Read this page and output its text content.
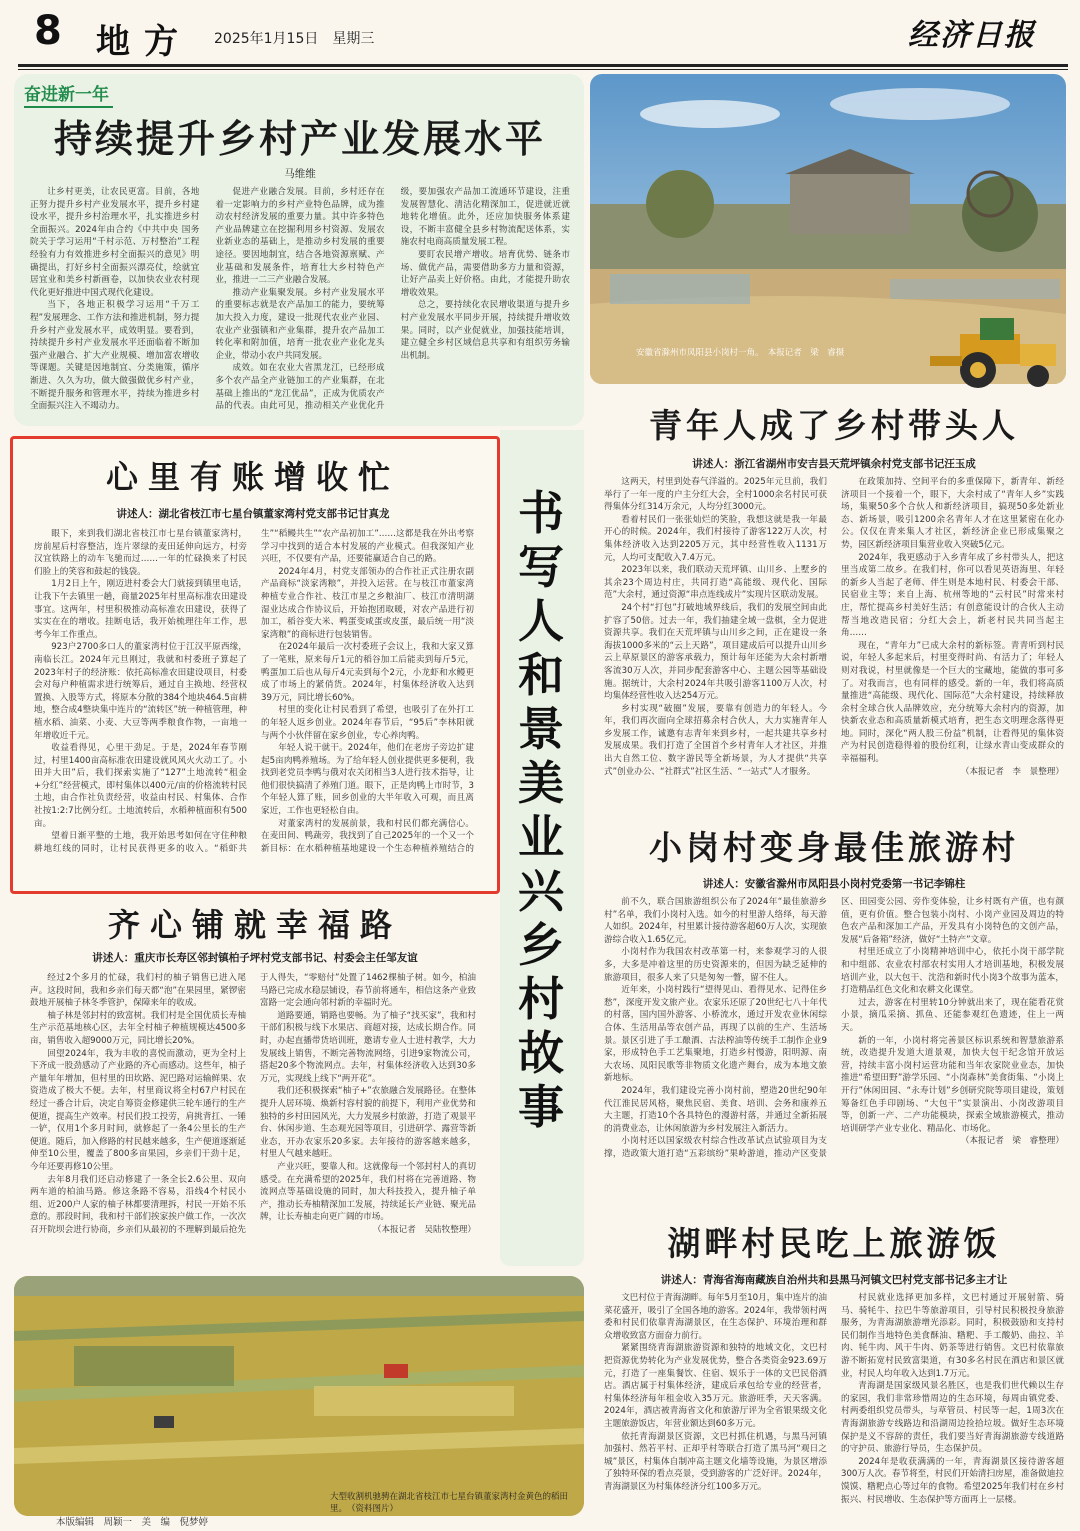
8 地方 2025年1月15日　星期三	经济日报
奋进新一年
持续提升乡村产业发展水平
马维维

让乡村更美，让农民更富。目前，各地正努力提升乡村产业发展水平，提升乡村建设水平，提升乡村治理水平，扎实推进乡村全面振兴。2024年由合约《中共中央 国务院关于学习运用“千村示范、万村整治”工程经验有力有效推进乡村全面振兴的意见》明确提出，打好乡村全面振兴漂亮仗，绘就宜居宜业和美乡村新画卷，以加快农业农村现代化更好推进中国式现代化建设。

当下，各地正积极学习运用“千万工程”发展理念、工作方法和推进机制，努力提升乡村产业发展水平，成效明显。要看到，持续提升乡村产业发展水平还面临着不断加强产业融合、扩大产业规模、增加富农增收等课题。关键是因地制宜、分类施策，循序渐进、久久为功，做大做强做优乡村产业，不断提升服务和管理水平，持续为推进乡村全面振兴注入不竭动力。

促进产业融合发展。目前，乡村还存在着一定影响力的乡村产业特色品牌，成为推动农村经济发展的重要力量。其中许多特色产业品牌建立在挖掘利用乡村资源、发展农业新业态的基础上，是推动乡村发展的重要途径。要因地制宜，结合各地资源禀赋、产业基础和发展条件，培育壮大乡村特色产业，推进一二三产业融合发展。

推动产业集聚发展。乡村产业发展水平的重要标志就是农产品加工的能力，要统筹加大投入力度，建设一批现代农业产业园、农业产业强镇和产业集群，提升农产品加工转化率和附加值，培育一批农业产业化龙头企业，带动小农户共同发展。

成效。如在农业大省黑龙江，已经形成多个农产品全产业链加工的产业集群，在北基础上推出的“龙江优品”，正成为优质农产品的代表。由此可见，推动相关产业优化升级，要加强农产品加工流通环节建设，注重发展智慧化、清洁化精深加工，促进就近就地转化增值。此外，还应加快服务体系建设，不断丰富健全县乡村物流配送体系，实施农村电商高质量发展工程。

要盯农民增产增收。培育优势、链条市场、做优产品，需要借助多方力量和资源，让好产品卖上好价格。由此，才能提升助农增收效果。

总之，要持续化农民增收渠道与提升乡村产业发展水平同步开展，持续提升增收效果。同时，以产业促就业，加强技能培训，建立健全乡村区域信息共享和有组织劳务输出机制。	安徽省滁州市凤阳县小岗村一角。　本报记者　梁　睿摄
书写人和景美业兴乡村故事
心里有账增收忙
讲述人：湖北省枝江市七星台镇董家湾村党支部书记甘真龙

眼下，来到我们湖北省枝江市七星台镇董家湾村，房前屋后村容整洁，连片翠绿的麦田延伸向远方，村旁汉宜铁路上的动车飞驰而过……一年的忙碌换来了村民们脸上的笑容和鼓起的钱袋。

1月2日上午，刚迈进村委会大门就接到镇里电话，让我下午去镇里一趟，商量2025年村里高标准农田建设事宜。这两年，村里积极推动高标准农田建设，获得了实实在在的增收。挂断电话，我开始梳理往年工作，思考今年工作重点。

923户2700多口人的董家湾村位于江汉平原西缘，南临长江。2024年元旦刚过，我就和村委班子算起了2023年村子的经济账：依托高标准农田建设项目，村委会对每户种植需求进行统筹后，通过自主换地、经营权置换、入股等方式，将原本分散的384个地块464.5亩耕地，整合成4整块集中连片的“流转区”统一种植管理，种植水稻、油菜、小麦、大豆等两季粮食作物，一亩地一年增收近千元。

收益看得见，心里干劲足。于是，2024年春节刚过，村里1400亩高标准农田建设就风风火火动工了。小田并大田”后，我们探索实施了“127”土地流转“租金+分红”经营模式，即村集体以400元/亩的价格流转村民土地，由合作社负责经营，收益由村民、村集体、合作社按1:2:7比例分红。土地流转后，水稻种植面积有500亩。

望着日渐平整的土地，我开始思考如何在守住种粮耕地红线的同时，让村民获得更多的收入。“稻虾共生”“稻鳗共生”“农产品初加工”……这都是我在外出考察学习中找到的适合本村发展的产业模式。但我深知产业兴旺，不仅要有产品，还要能赢适合自己的路。

2024年4月，村党支部领办的合作社正式注册农副产品商标“淡家湾粮”，并投入运营。在与枝江市董家湾种植专业合作社、枝江市星之乡粮油厂、枝江市清明湖湿业达成合作协议后，开始抱团取暖，对农产品进行初加工，稻谷变大米、鸭蛋变咸蛋或皮蛋，最后统一用“淡家湾粮”的商标进行包装销售。

在2024年最后一次村委班子会议上，我和大家又算了一笔账，原来每斤1元的稻谷加工后能卖到每斤5元，鸭蛋加工后也从每斤4元卖到每个2元，小龙虾和水鳗更成了市场上的紧俏货。2024年，村集体经济收入达到39万元，同比增长60%。

村里的变化让村民看到了希望，也吸引了在外打工的年轻人返乡创业。2024年春节后，“95后”李林阳就与两个小伙伴留在家乡创业，专心养肉鸭。

年轻人说干就干。2024年，他们在老房子旁边扩建起5亩肉鸭养殖场。为了给年轻人创业提供更多便利，我找到老党员李鸭与俄对农关闭相当3人进行技术指导，让他们很快搞清了养殖门道。眼下，正是肉鸭上市时节，3个年轻人算了账，回乡创业的大半年收入可观，而且离家近，工作也更轻松自由。

对董家湾村的发展前景，我和村民们都充满信心。在麦田间、鸭蔬旁，我找到了自己2025年的一个又一个新目标：在水稻种植基地建设一个生态种植养殖结合的

青年人成了乡村带头人
讲述人：浙江省湖州市安吉县天荒坪镇余村党支部书记汪玉成

这两天，村里到处春气洋溢的。2025年元旦前，我们举行了一年一度的户主分红大会，全村1000余名村民可获得集体分红314万余元，人均分红3000元。

看着村民们一张张灿烂的笑脸，我想这就是我一年最开心的时候。2024年，我们村接待了游客122万人次，村集体经济收入达到2205万元，其中经营性收入1131万元，人均可支配收入7.4万元。

2023年以来，我们联动天荒坪镇、山川乡、上墅乡的其余23个周边村庄，共同打造“高能级、现代化、国际范”大余村，通过资源“串点连线成片”实现片区联动发展。

24个村“打包”打破地域界线后，我们的发展空间由此扩容了50倍。过去一年，我们抽建全域一盘棋，全力促进资源共享。我们在天荒坪镇与山川乡之间，正在建设一条海拔1000多米的“云上天路”，项目建成后可以提升山川乡云上草原景区的游客承载力，预计每年还能为大余村新增客流30万人次，并同步配套游客中心、主题公园等基础设施。据统计，大余村2024年共吸引游客1100万人次，村均集体经营性收入达254万元。

乡村实现“破圈”发展，要靠有创造力的年轻人。今年，我们再次面向全球招募余村合伙人，大力实施青年人乡发展工作，诚邀有志青年来到乡村，一起共建共享乡村发展成果。我们打造了全国首个乡村青年人才社区，并推出大自然工位、数字游民等全新场景，为人才提供“共享式”创业办公、“社群式”社区生活、“一站式”人才服务。

在政策加持、空间平台的多重保障下，新青年、新经济项目一个接着一个，眼下，大余村成了“青年人乡”实践场，集聚50多个合伙人和新经济项目，搞现50多处新业态、新场景，吸引1200余名青年人才在这里紧密在化办公。仅仅在青来集人才社区，新经济企业已形成集聚之势，园区新经济项目集营业收入突破5亿元。

2024年，我更感动于入乡青年成了乡村带头人，把这里当成第二故乡。在我们村，你可以看见英语海里、年轻的新乡人当起了老师、伴生则是本地村民、村委会干部、民宿业主等；来自上海、杭州等地的“云村民”时常来村庄，帮忙提高乡村美好生活；有创意能设计的合伙人主动帮当地改造民宿；分红大会上，新老村民共同当起主角……

现在，“青年力”已成大余村的新标签。青青听到村民说，年轻人多起来后，村里变得时尚、有活力了；年轻人则对我说，村里就像是一个巨大的宝藏地，能做的事可多了。对我而言，也有同样的感受。新的一年，我们将高质量推进“高能级、现代化、国际范”大余村建设，持续释放余村全球合伙人品牌效应，充分统筹大余村内的资源，加快新农业态和高质量新模式培育，把生态文明理念落得更地。同时，深化“两人股三份益”机制，让看得见的集体资产为村民创造稳得着的股份红利，让绿水青山变成群众的幸福福利。

（本报记者　李　景整理）
小岗村变身最佳旅游村
讲述人：安徽省滁州市凤阳县小岗村党委第一书记李锦柱

前不久，联合国旅游组织公布了2024年“最佳旅游乡村”名单，我们小岗村入选。如今的村里游人络绎，每天游人如织。2024年，村里累计接待游客超60万人次，实现旅游综合收入1.65亿元。

小岗村作为我国农村改革第一村，来参观学习的人很多，大多是冲着这里的历史资源来的，但因为缺乏延伸的旅游项目，很多人来了只是匆匆一瞥，留不住人。

近年来，小岗村践行“望得见山、看得见水、记得住乡愁”，深度开发文旅产业。农家乐还原了20世纪七八十年代的村落，国内国外游客、小桥流水，通过开发农业休闲综合体、生活用品等农创产品，再现了以前的生产、生活场景。景区引进了手工酿酒、古法榨油等传统手工制作企业9家，形成特色手工艺集聚地，打造乡村慢游，阳明源、南大农场、凤阳民歌等非物质文化遗产舞台，成为本地文旅新地标。

2024年，我们建设完善小岗村前，塑造20世纪90年代江淮民居风格，聚焦民宿、美食、培训、会务和康养五大主题，打造10个各具特色的漫游村落，并通过全新拓展的消费业态，让休闲旅游为乡村发展注入新活力。

小岗村还以国家级农村综合性改革试点试验项目为支撑，造政策大道打造“五彩缤纷”果岭游道，推动产区变景区、田园变公园、旁作变体验，让乡村既有产值，也有颜值，更有价值。整合包装小岗村、小岗产业园及周边的特色农产品和深加工产品，开发具有小岗特色的文创产品，发展“后备箱”经济，做好“土特产”文章。

村里还成立了小岗精神培训中心，依托小岗干部学院和中组部、农业农村部农村实用人才培训基地，积极发展培训产业，以大包干、沈浩和新时代小岗3个故事为蓝本，打造精品红色文化和农耕文化课堂。

过去，游客在村里转10分钟就出来了，现在能看花赏小景，摘瓜采摘、抓鱼、还能参观红色遗迹，住上一两天。

新的一年，小岗村将完善景区标识系统和智慧旅游系统，改造提升发道大道景观，加快大包干纪念馆开放运营，持续丰富小岗村运营功能和当年农家院业业态，加快推进“希望田野”游学乐园、“小岗森林”美食街集、“小岗上开行”休闲田园、“永寿计划”乡创研究院等项目建设，策划筹备红色手印剧场、“大包干”实景演出、小岗改游项目等，创新一产、二产功能模块，探索全域旅游模式，推动培训研学产业专业化、精品化、市场化。

（本报记者　梁　睿整理）
齐心铺就幸福路
讲述人：重庆市长寿区邻封镇柏子坪村党支部书记、村委会主任邹友谊

经过2个多月的忙碌，我们村的柚子销售已进入尾声。这段时间，我和乡亲们每天都“泡”在果园里，紧锣密鼓地开展柚子林冬季管护，保障来年的收成。

柚子林是邻封村的致富树。我们村是全国优质长寿柚生产示范基地核心区，去年全村柚子种植规模达4500多亩，销售收入超9000万元，同比增长20%。

回望2024年，我为丰收的喜悦而激动，更为全村上下齐成一股劲感动了产业路的齐心而感动。这些年，柚子产量年年增加，但村里的田坎路、泥巴路对运输鲜果、农资造成了极大不便。去年，村里商议将全村67户村民在经过一番合计后，决定自筹资金修建供三轮车通行的生产便道，提高生产效率。村民们投工投劳，肩挑背扛、一锤一铲，仅用1个多月时间，就修起了一条4公里长的生产便道。随后，加入修路的村民越来越多，生产便道逐渐延伸至10公里，覆盖了800多亩果园，乡亲们干劲十足，今年还要再修10公里。

去年8月我们还启动修建了一条全长2.6公里、双向两车道的柏油马路。修这条路不容易，沿线4个村民小组、近200户人家的柚子林都要清理拆，村民一开始不乐意的。那段时间，我和村干部们挨家挨户做工作，一次次召开院坝会进行协商，乡亲们从最初的不理解到最后抢先于人得失，“零赔付”处置了1462棵柚子树。如今，柏油马路已完成水稳层铺设，春节前将通车，相信这条产业致富路一定会通向邻村新的幸福时光。

道路要通，销路也要畅。为了柚子“找买家”，我和村干部们积极与线下水果店、商超对接，达成长期合作。同时，办起直播带货培训班，邀请专业人士进村教学，大力发展线上销售，不断完善物流网络，引进9家物流公司，搭起20多个物流网点。去年，村集体经济收入达到30多万元，实现线上线下“两开花”。

我们还积极探索“柚子+”农旅融合发展路径。在整体提升人居环境、焕新村容村貌的前提下，利用产业优势和独特的乡村田园风光，大力发展乡村旅游，打造了观景平台、休闲步道、生态观光园等项目，引进研学、露营等新业态，开办农家乐20多家。去年接待的游客越来越多，村里人气越来越旺。

产业兴旺，要靠人和。这就像每一个邻封村人的真切感受。在充满希望的2025年，我们村将在完善道路、物流网点等基础设施的同时，加大科技投入，提升柚子单产，推动长寿柚精深加工发展，持续延长产业链、聚光品牌，让长寿柚走向更广阔的市场。

（本报记者　吴陆牧整理）
大型收割机驰骋在湖北省枝江市七星台镇董家湾村金黄色的稻田里。　（资料图片）
湖畔村民吃上旅游饭
讲述人：青海省海南藏族自治州共和县黑马河镇文巴村党支部书记多主才让

文巴村位于青海湖畔。每年5月至10月，集中连片的油菜花盛开，吸引了全国各地的游客。2024年，我带领村两委和村民们依靠青海湖景区，在生态保护、环境治理和群众增收致富方面奋力前行。

紧紧围绕青海湖旅游资源和独特的地域文化，文巴村把资源优势转化为产业发展优势，整合各类资金923.69万元，打造了一座集餐饮、住宿、娱乐于一体的文巴民俗酒店。酒店属于村集体经济，建成后承包给专业的经营者，村集体经济每年租金收入35万元。旅游旺季，天天客满。2024年，酒店被青海省文化和旅游厅评为全省银果级文化主题旅游饭店，年营业额达到60多万元。

依托青海湖景区资源，文巴村抓住机遇，与黑马河镇加强村、然若平村、正却乎村等联合打造了黑马河“观日之城”景区，村集体自制冲高主题文化墙等设施，为景区增添了独特环保的看点亮景，受到游客的广泛好评。2024年，青海湖景区为村集体经济分红100多万元。

村民就业选择更加多样，文巴村通过开展射箭、骑马、骑牦牛、拉巴牛等旅游项目，引导村民积极投身旅游服务，为青海湖旅游增光添彩。同时，积极鼓励和支持村民们制作当地特色美食酥油、糌粑、手工酸奶、曲拉、羊肉、牦牛肉、风干牛肉、奶茶等进行销售。文巴村依靠旅游不断拓宽村民致富渠道，有30多名村民在酒店和景区就业，村民人均年收入达到1.7万元。

青海湖是国家级风景名胜区，也是我们世代赖以生存的家园，我们非常珍惜周边的生态环境，每周由镇党委、村两委组织党员带头，与草管员、村民等一起，1周3次在青海湖旅游专线路边和沿湖周边捡拾垃圾。做好生态环境保护是义不容辞的责任，我们要当好青海湖旅游专线道路的守护员、旅游行导员，生态保护员。

2024年是收获满满的一年，青海湖景区接待游客超300万人次。春节将至，村民们开始清扫房屋，准备做迪拉馍馍、糌粑点心等过年的食物。希望2025年我们村在乡村振兴、村民增收、生态保护等方面再上一层楼。

本版编辑　周颖一　美　编　倪梦婷
